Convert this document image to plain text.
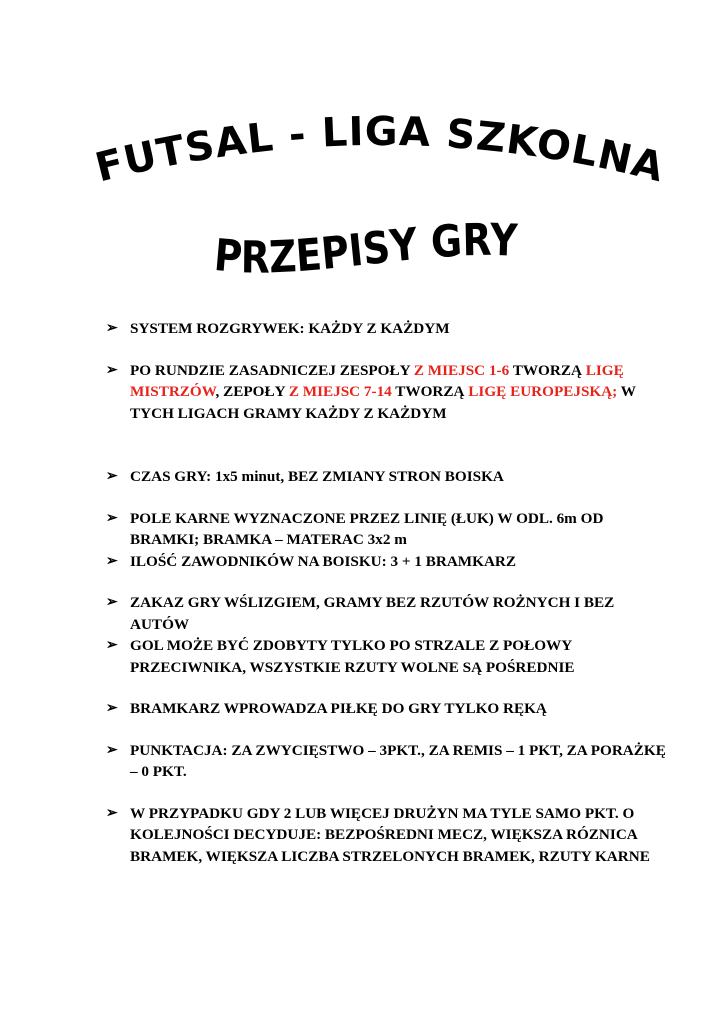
FUTSAL - LIGA SZKOLNA
PRZEPISY GRY
➢ SYSTEM ROZGRYWEK: KAŻDY Z KAŻDYM
➢ PO RUNDZIE ZASADNICZEJ ZESPOŁY Z MIEJSC 1-6 TWORZĄ LIGĘ MISTRZÓW, ZEPOŁY Z MIEJSC 7-14 TWORZĄ LIGĘ EUROPEJSKĄ; W TYCH LIGACH GRAMY KAŻDY Z KAŻDYM
➢ CZAS GRY: 1x5 minut, BEZ ZMIANY STRON BOISKA
➢ POLE KARNE WYZNACZONE PRZEZ LINIĘ (ŁUK) W ODL. 6m OD BRAMKI; BRAMKA – MATERAC 3x2 m
➢ ILOŚĆ ZAWODNIKÓW NA BOISKU: 3 + 1 BRAMKARZ
➢ ZAKAZ GRY WŚLIZGIEM, GRAMY BEZ RZUTÓW ROŻNYCH I BEZ AUTÓW
➢ GOL MOŻE BYĆ ZDOBYTY TYLKO PO STRZALE Z POŁOWY PRZECIWNIKA, WSZYSTKIE RZUTY WOLNE SĄ POŚREDNIE
➢ BRAMKARZ WPROWADZA PIŁKĘ DO GRY TYLKO RĘKĄ
➢ PUNKTACJA: ZA ZWYCIĘSTWO – 3PKT., ZA REMIS – 1 PKT, ZA PORAŻKĘ – 0 PKT.
➢ W PRZYPADKU GDY 2 LUB WIĘCEJ DRUŻYN MA TYLE SAMO PKT. O KOLEJNOŚCI DECYDUJE: BEZPOŚREDNI MECZ, WIĘKSZA RÓZNICA BRAMEK, WIĘKSZA LICZBA STRZELONYCH BRAMEK, RZUTY KARNE
